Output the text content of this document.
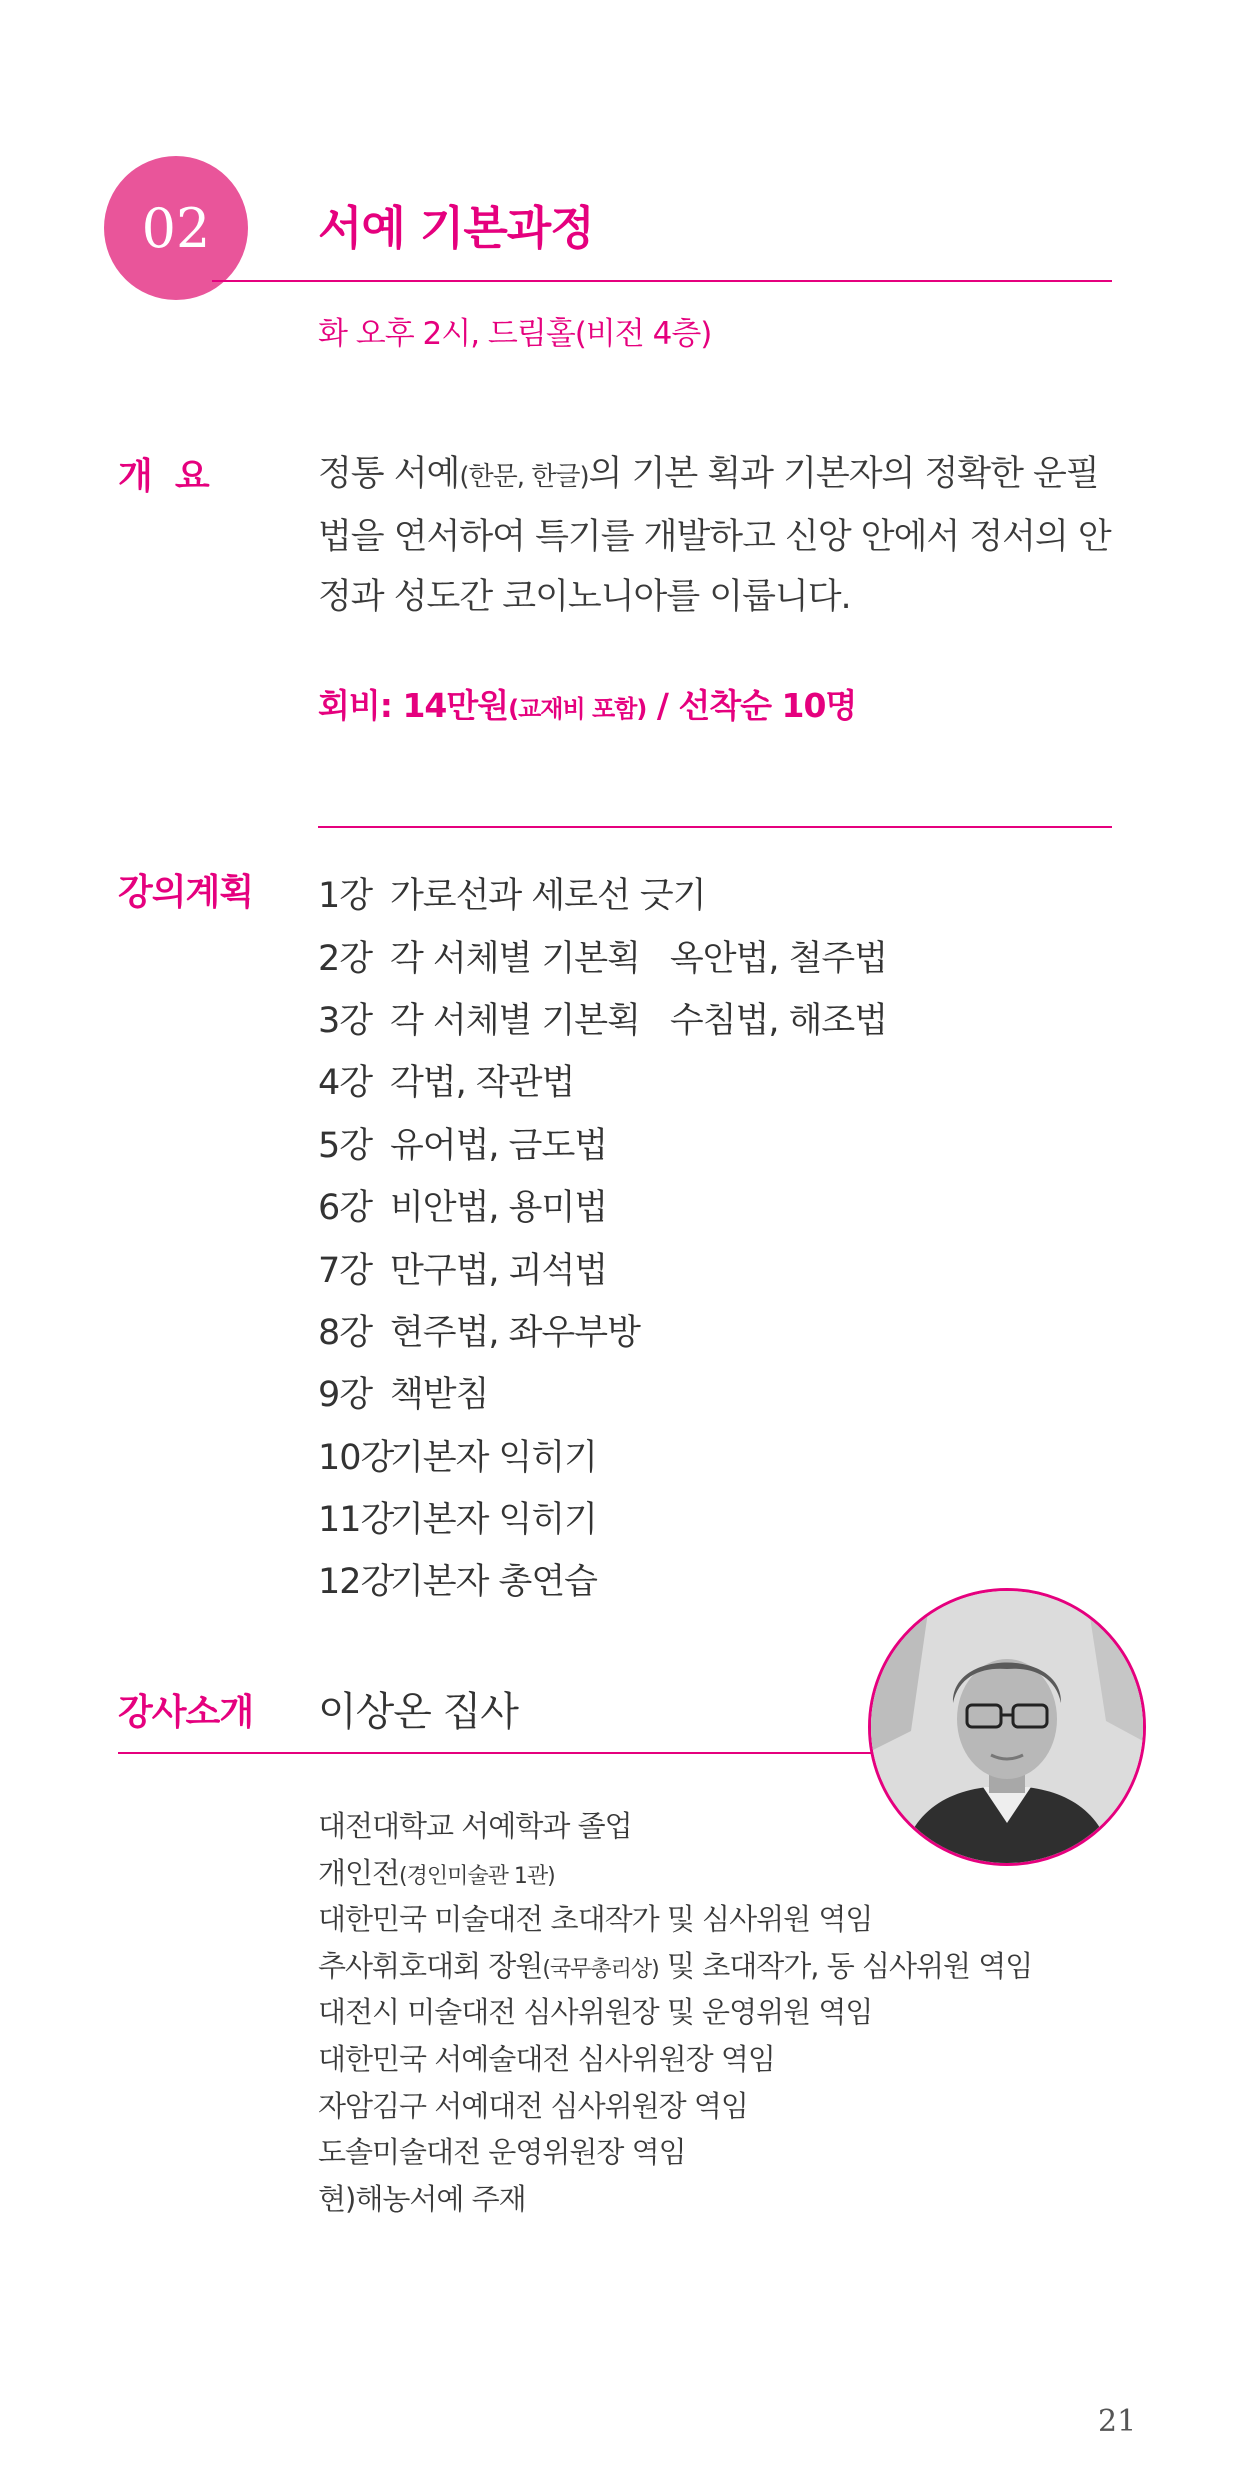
02 서예 기본과정
화 오후 2시, 드림홀(비전 4층)
개  요	정통 서예(한문, 한글)의 기본 획과 기본자의 정확한 운필법을 연서하여 특기를 개발하고 신앙 안에서 정서의 안정과 성도간 코이노니아를 이룹니다.
회비: 14만원(교재비 포함) / 선착순 10명
강의계획 1강 가로선과 세로선 긋기
2강 각 서체별 기본획 옥안법, 철주법
3강 각 서체별 기본획 수침법, 해조법
4강 각법, 작관법
5강 유어법, 금도법
6강 비안법, 용미법
7강 만구법, 괴석법
8강 현주법, 좌우부방
9강 책받침
10강
기본자 익히기
11강
기본자 익히기
12강
기본자 총연습
강사소개 이상온 집사
대전대학교 서예학과 졸업
개인전(경인미술관 1관)
대한민국 미술대전 초대작가 및 심사위원 역임
추사휘호대회 장원(국무총리상) 및 초대작가, 동 심사위원 역임
대전시 미술대전 심사위원장 및 운영위원 역임
대한민국 서예술대전 심사위원장 역임
자암김구 서예대전 심사위원장 역임
도솔미술대전 운영위원장 역임
현)해농서예 주재
21
